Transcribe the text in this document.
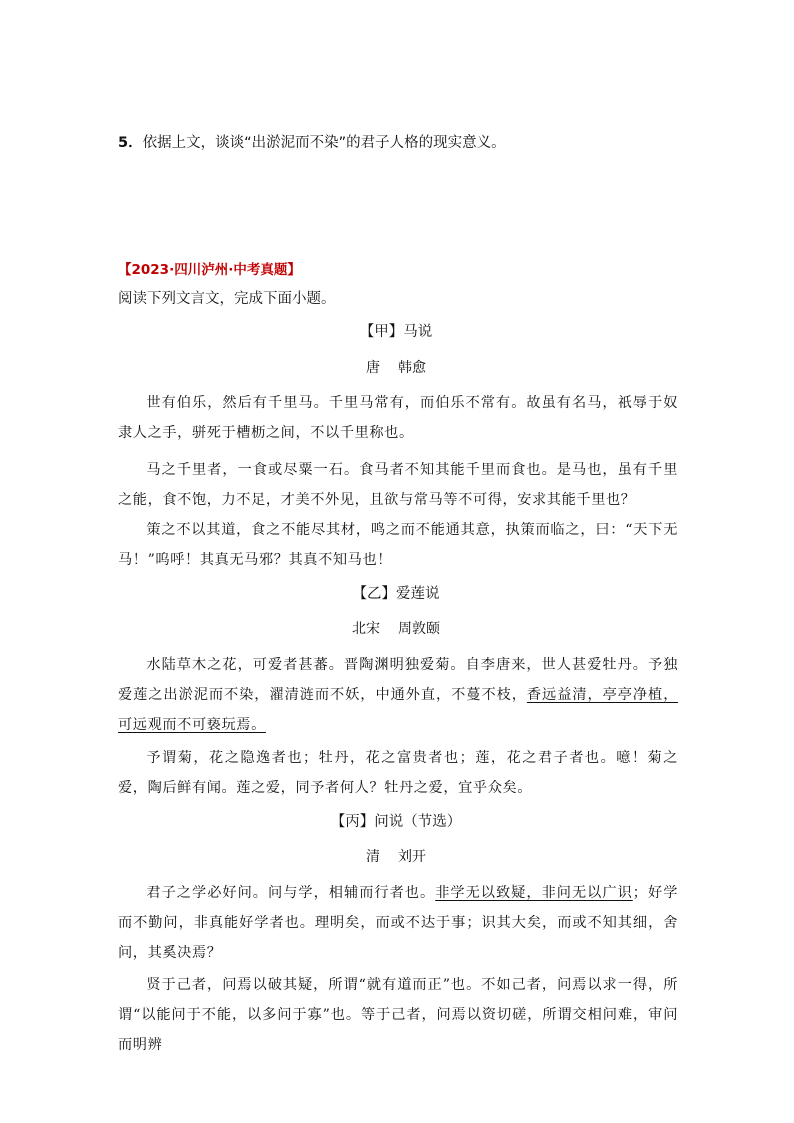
5．依据上文，谈谈“出淤泥而不染”的君子人格的现实意义。
【2023·四川泸州·中考真题】
阅读下列文言文，完成下面小题。
【甲】马说
唐 韩愈

世有伯乐，然后有千里马。千里马常有，而伯乐不常有。故虽有名马，祇辱于奴隶人之手，骈死于槽枥之间，不以千里称也。

马之千里者，一食或尽粟一石。食马者不知其能千里而食也。是马也，虽有千里之能，食不饱，力不足，才美不外见，且欲与常马等不可得，安求其能千里也？

策之不以其道，食之不能尽其材，鸣之而不能通其意，执策而临之，曰：“天下无马！”呜呼！其真无马邪？其真不知马也！

【乙】爱莲说
北宋 周敦颐

水陆草木之花，可爱者甚蕃。晋陶渊明独爱菊。自李唐来，世人甚爱牡丹。予独爱莲之出淤泥而不染，濯清涟而不妖，中通外直，不蔓不枝，香远益清，亭亭净植，可远观而不可亵玩焉。

予谓菊，花之隐逸者也；牡丹，花之富贵者也；莲，花之君子者也。噫！菊之爱，陶后鲜有闻。莲之爱，同予者何人？牡丹之爱，宜乎众矣。

【丙】问说（节选）
清 刘开

君子之学必好问。问与学，相辅而行者也。非学无以致疑，非问无以广识；好学而不勤问，非真能好学者也。理明矣，而或不达于事；识其大矣，而或不知其细，舍问，其奚决焉？

贤于己者，问焉以破其疑，所谓“就有道而正”也。不如己者，问焉以求一得，所谓“以能问于不能，以多问于寡”也。等于己者，问焉以资切磋，所谓交相问难，审问而明辨
